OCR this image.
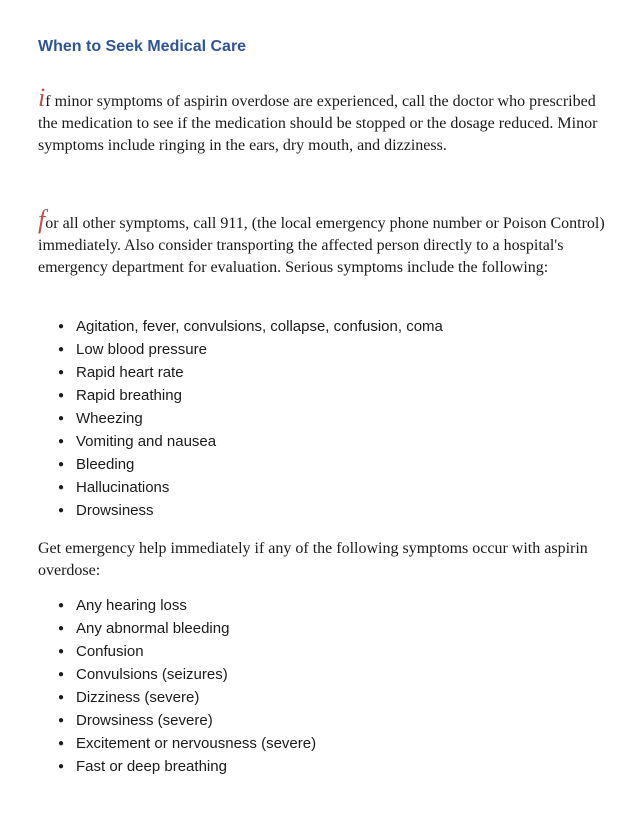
When to Seek Medical Care

if minor symptoms of aspirin overdose are experienced, call the doctor who prescribed the medication to see if the medication should be stopped or the dosage reduced. Minor symptoms include ringing in the ears, dry mouth, and dizziness.

for all other symptoms, call 911, (the local emergency phone number or Poison Control) immediately. Also consider transporting the affected person directly to a hospital's emergency department for evaluation. Serious symptoms include the following:

● Agitation, fever, convulsions, collapse, confusion, coma
● Low blood pressure
● Rapid heart rate
● Rapid breathing
● Wheezing
● Vomiting and nausea
● Bleeding
● Hallucinations
● Drowsiness

Get emergency help immediately if any of the following symptoms occur with aspirin overdose:

● Any hearing loss
● Any abnormal bleeding
● Confusion
● Convulsions (seizures)
● Dizziness (severe)
● Drowsiness (severe)
● Excitement or nervousness (severe)
● Fast or deep breathing
